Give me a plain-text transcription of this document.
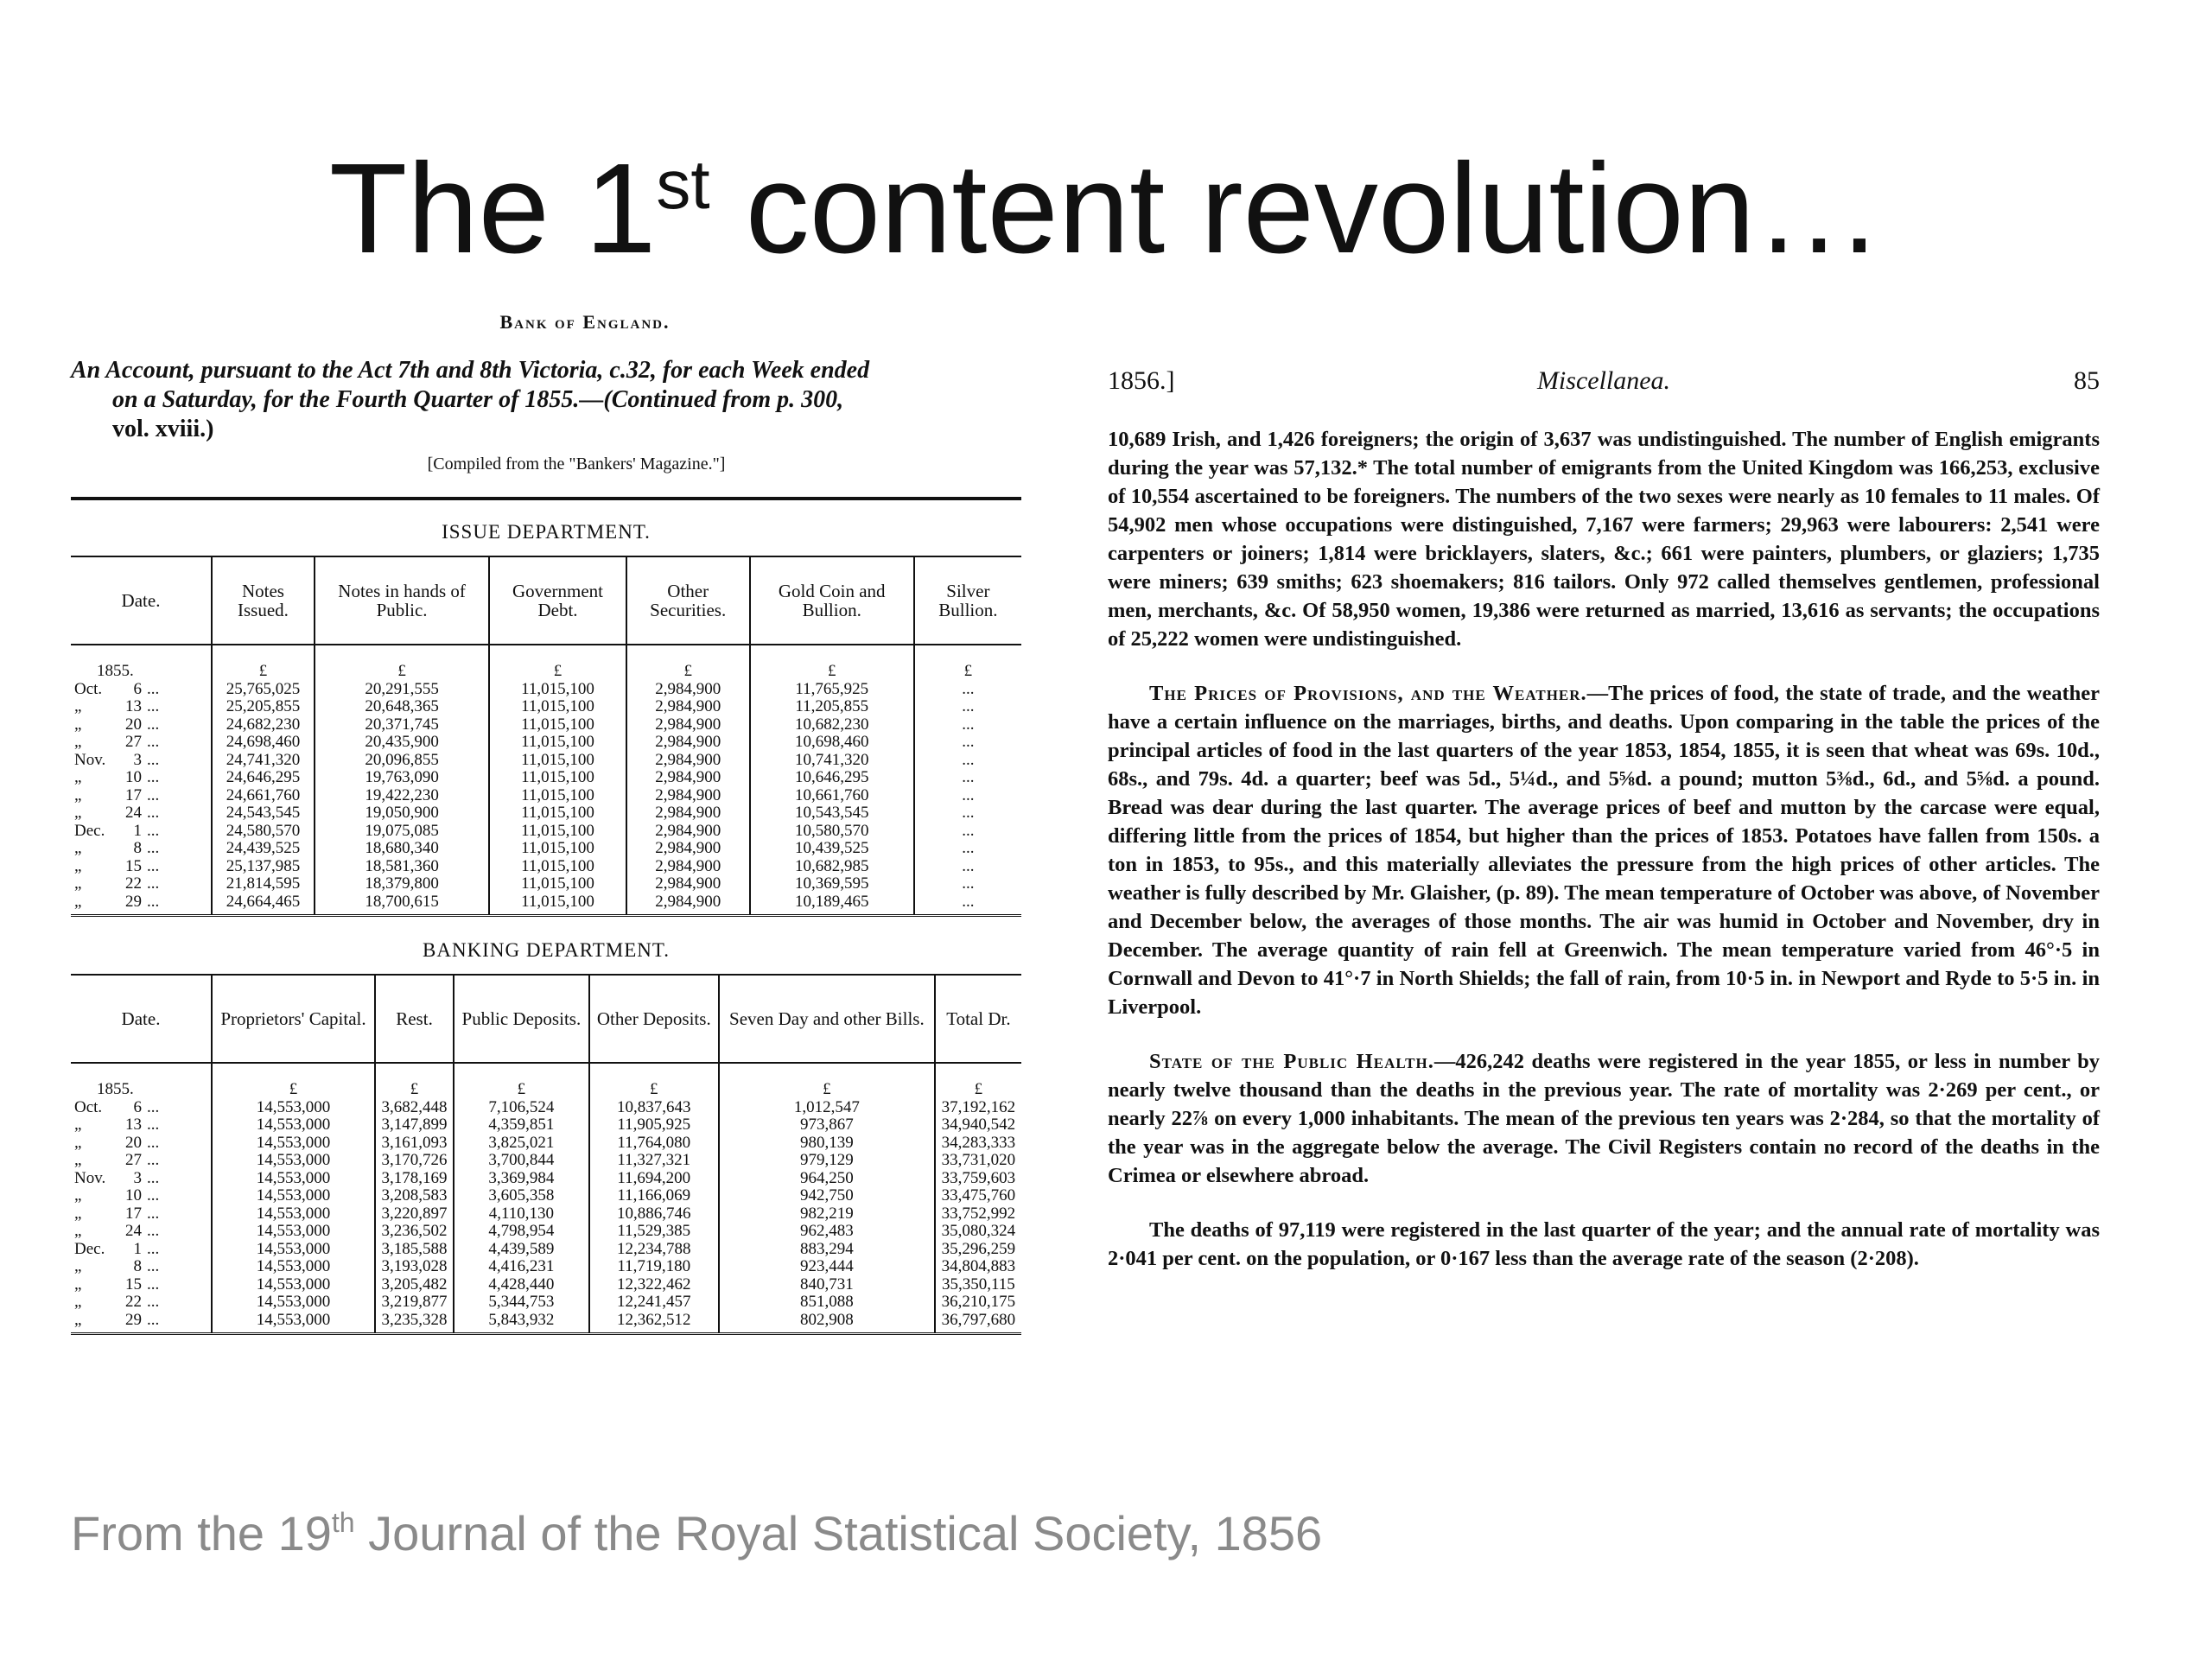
The 1st content revolution…
Bank of England.
An Account, pursuant to the Act 7th and 8th Victoria, c.32, for each Week ended
on a Saturday, for the Fourth Quarter of 1855.—(Continued from p. 300,
vol. xviii.)
[Compiled from the "Bankers' Magazine."]
ISSUE DEPARTMENT.
Date.	Notes Issued.	Notes in hands of Public.	Government Debt.	Other Securities.	Gold Coin and Bullion.	Silver Bullion.
1855.	£	£	£	£	£	£
Oct. 6 ...	25,765,025	20,291,555	11,015,100	2,984,900	11,765,925	...
„ 13 ...	25,205,855	20,648,365	11,015,100	2,984,900	11,205,855	...
„ 20 ...	24,682,230	20,371,745	11,015,100	2,984,900	10,682,230	...
„ 27 ...	24,698,460	20,435,900	11,015,100	2,984,900	10,698,460	...
Nov. 3 ...	24,741,320	20,096,855	11,015,100	2,984,900	10,741,320	...
„ 10 ...	24,646,295	19,763,090	11,015,100	2,984,900	10,646,295	...
„ 17 ...	24,661,760	19,422,230	11,015,100	2,984,900	10,661,760	...
„ 24 ...	24,543,545	19,050,900	11,015,100	2,984,900	10,543,545	...
Dec. 1 ...	24,580,570	19,075,085	11,015,100	2,984,900	10,580,570	...
„ 8 ...	24,439,525	18,680,340	11,015,100	2,984,900	10,439,525	...
„ 15 ...	25,137,985	18,581,360	11,015,100	2,984,900	10,682,985	...
„ 22 ...	21,814,595	18,379,800	11,015,100	2,984,900	10,369,595	...
„ 29 ...	24,664,465	18,700,615	11,015,100	2,984,900	10,189,465	...
BANKING DEPARTMENT.
Date.	Proprietors' Capital.	Rest.	Public Deposits.	Other Deposits.	Seven Day and other Bills.	Total Dr.
1855.	£	£	£	£	£	£
Oct. 6 ...	14,553,000	3,682,448	7,106,524	10,837,643	1,012,547	37,192,162
„ 13 ...	14,553,000	3,147,899	4,359,851	11,905,925	973,867	34,940,542
„ 20 ...	14,553,000	3,161,093	3,825,021	11,764,080	980,139	34,283,333
„ 27 ...	14,553,000	3,170,726	3,700,844	11,327,321	979,129	33,731,020
Nov. 3 ...	14,553,000	3,178,169	3,369,984	11,694,200	964,250	33,759,603
„ 10 ...	14,553,000	3,208,583	3,605,358	11,166,069	942,750	33,475,760
„ 17 ...	14,553,000	3,220,897	4,110,130	10,886,746	982,219	33,752,992
„ 24 ...	14,553,000	3,236,502	4,798,954	11,529,385	962,483	35,080,324
Dec. 1 ...	14,553,000	3,185,588	4,439,589	12,234,788	883,294	35,296,259
„ 8 ...	14,553,000	3,193,028	4,416,231	11,719,180	923,444	34,804,883
„ 15 ...	14,553,000	3,205,482	4,428,440	12,322,462	840,731	35,350,115
„ 22 ...	14,553,000	3,219,877	5,344,753	12,241,457	851,088	36,210,175
„ 29 ...	14,553,000	3,235,328	5,843,932	12,362,512	802,908	36,797,680
Miscellanea.
1856.]	85

10,689 Irish, and 1,426 foreigners; the origin of 3,637 was undistinguished. The number of English emigrants during the year was 57,132.* The total number of emigrants from the United Kingdom was 166,253, exclusive of 10,554 ascertained to be foreigners. The numbers of the two sexes were nearly as 10 females to 11 males. Of 54,902 men whose occupations were distinguished, 7,167 were farmers; 29,963 were labourers: 2,541 were carpenters or joiners; 1,814 were bricklayers, slaters, &c.; 661 were painters, plumbers, or glaziers; 1,735 were miners; 639 smiths; 623 shoemakers; 816 tailors. Only 972 called themselves gentlemen, professional men, merchants, &c. Of 58,950 women, 19,386 were returned as married, 13,616 as servants; the occupations of 25,222 women were undistinguished.

The Prices of Provisions, and the Weather.—The prices of food, the state of trade, and the weather have a certain influence on the marriages, births, and deaths. Upon comparing in the table the prices of the principal articles of food in the last quarters of the year 1853, 1854, 1855, it is seen that wheat was 69s. 10d., 68s., and 79s. 4d. a quarter; beef was 5d., 5¼d., and 5⅝d. a pound; mutton 5⅜d., 6d., and 5⅝d. a pound. Bread was dear during the last quarter. The average prices of beef and mutton by the carcase were equal, differing little from the prices of 1854, but higher than the prices of 1853. Potatoes have fallen from 150s. a ton in 1853, to 95s., and this materially alleviates the pressure from the high prices of other articles. The weather is fully described by Mr. Glaisher, (p. 89). The mean temperature of October was above, of November and December below, the averages of those months. The air was humid in October and November, dry in December. The average quantity of rain fell at Greenwich. The mean temperature varied from 46°·5 in Cornwall and Devon to 41°·7 in North Shields; the fall of rain, from 10·5 in. in Newport and Ryde to 5·5 in. in Liverpool.

State of the Public Health.—426,242 deaths were registered in the year 1855, or less in number by nearly twelve thousand than the deaths in the previous year. The rate of mortality was 2·269 per cent., or nearly 22⅞ on every 1,000 inhabitants. The mean of the previous ten years was 2·284, so that the mortality of the year was in the aggregate below the average. The Civil Registers contain no record of the deaths in the Crimea or elsewhere abroad.

The deaths of 97,119 were registered in the last quarter of the year; and the annual rate of mortality was 2·041 per cent. on the population, or 0·167 less than the average rate of the season (2·208).

From the 19th Journal of the Royal Statistical Society, 1856
